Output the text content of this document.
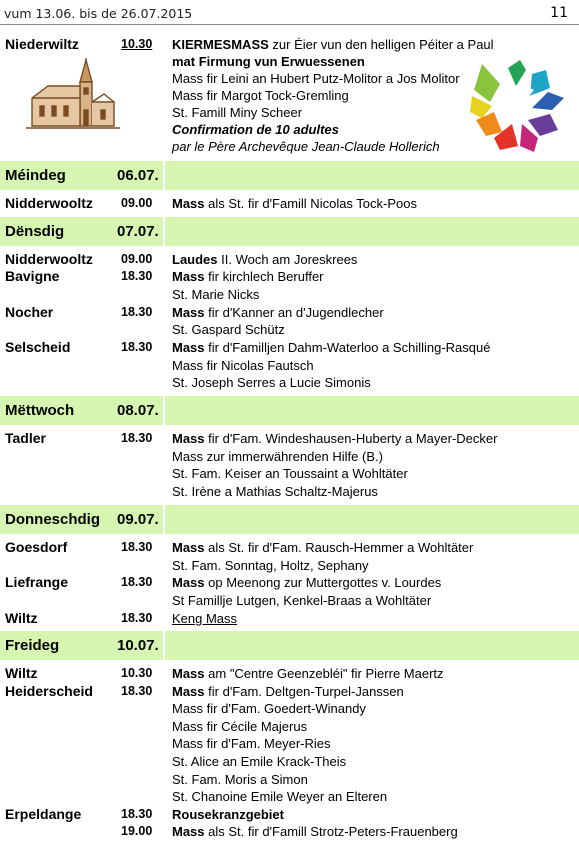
vum 13.06. bis de 26.07.2015	11
Niederwiltz	10.30 KIERMESMASS zur Éier vun den helligen Péiter a Paul
mat Firmung vun Erwuessenen
Mass fir Leini an Hubert Putz-Molitor a Jos Molitor
Mass fir Margot Tock-Gremling
St. Famill Miny Scheer
Confirmation de 10 adultes
par le Père Archevêque Jean-Claude Hollerich
Méindeg	06.07.
Nidderwooltz 09.00 Mass als St. fir d'Famill Nicolas Tock-Poos
Dënsdig	07.07.
Nidderwooltz 09.00 Laudes II. Woch am Joreskrees
Bavigne	18.30 Mass fir kirchlech Beruffer
St. Marie Nicks
Nocher	18.30 Mass fir d'Kanner an d'Jugendlecher
St. Gaspard Schütz
Selscheid	18.30 Mass fir d'Familljen Dahm-Waterloo a Schilling-Rasqué
Mass fir Nicolas Fautsch
St. Joseph Serres a Lucie Simonis
Mëttwoch	08.07.
Tadler	18.30 Mass fir d'Fam. Windeshausen-Huberty a Mayer-Decker
Mass zur immerwährenden Hilfe (B.)
St. Fam. Keiser an Toussaint a Wohltäter
St. Irène a Mathias Schaltz-Majerus
Donneschdig 09.07.
Goesdorf	18.30 Mass als St. fir d'Fam. Rausch-Hemmer a Wohltäter
St. Fam. Sonntag, Holtz, Sephany
Liefrange	18.30 Mass op Meenong zur Muttergottes v. Lourdes
St Famillje Lutgen, Kenkel-Braas a Wohltäter
Wiltz	18.30 Keng Mass
Freideg	10.07.
Wiltz	10.30 Mass am "Centre Geenzebléi" fir Pierre Maertz
Heiderscheid 18.30 Mass fir d'Fam. Deltgen-Turpel-Janssen
Mass fir d'Fam. Goedert-Winandy
Mass fir Cécile Majerus
Mass fir d'Fam. Meyer-Ries
St. Alice an Emile Krack-Theis
St. Fam. Moris a Simon
St. Chanoine Emile Weyer an Elteren
Erpeldange	18.30 Rousekranzgebiet
19.00 Mass als St. fir d'Famill Strotz-Peters-Frauenberg
